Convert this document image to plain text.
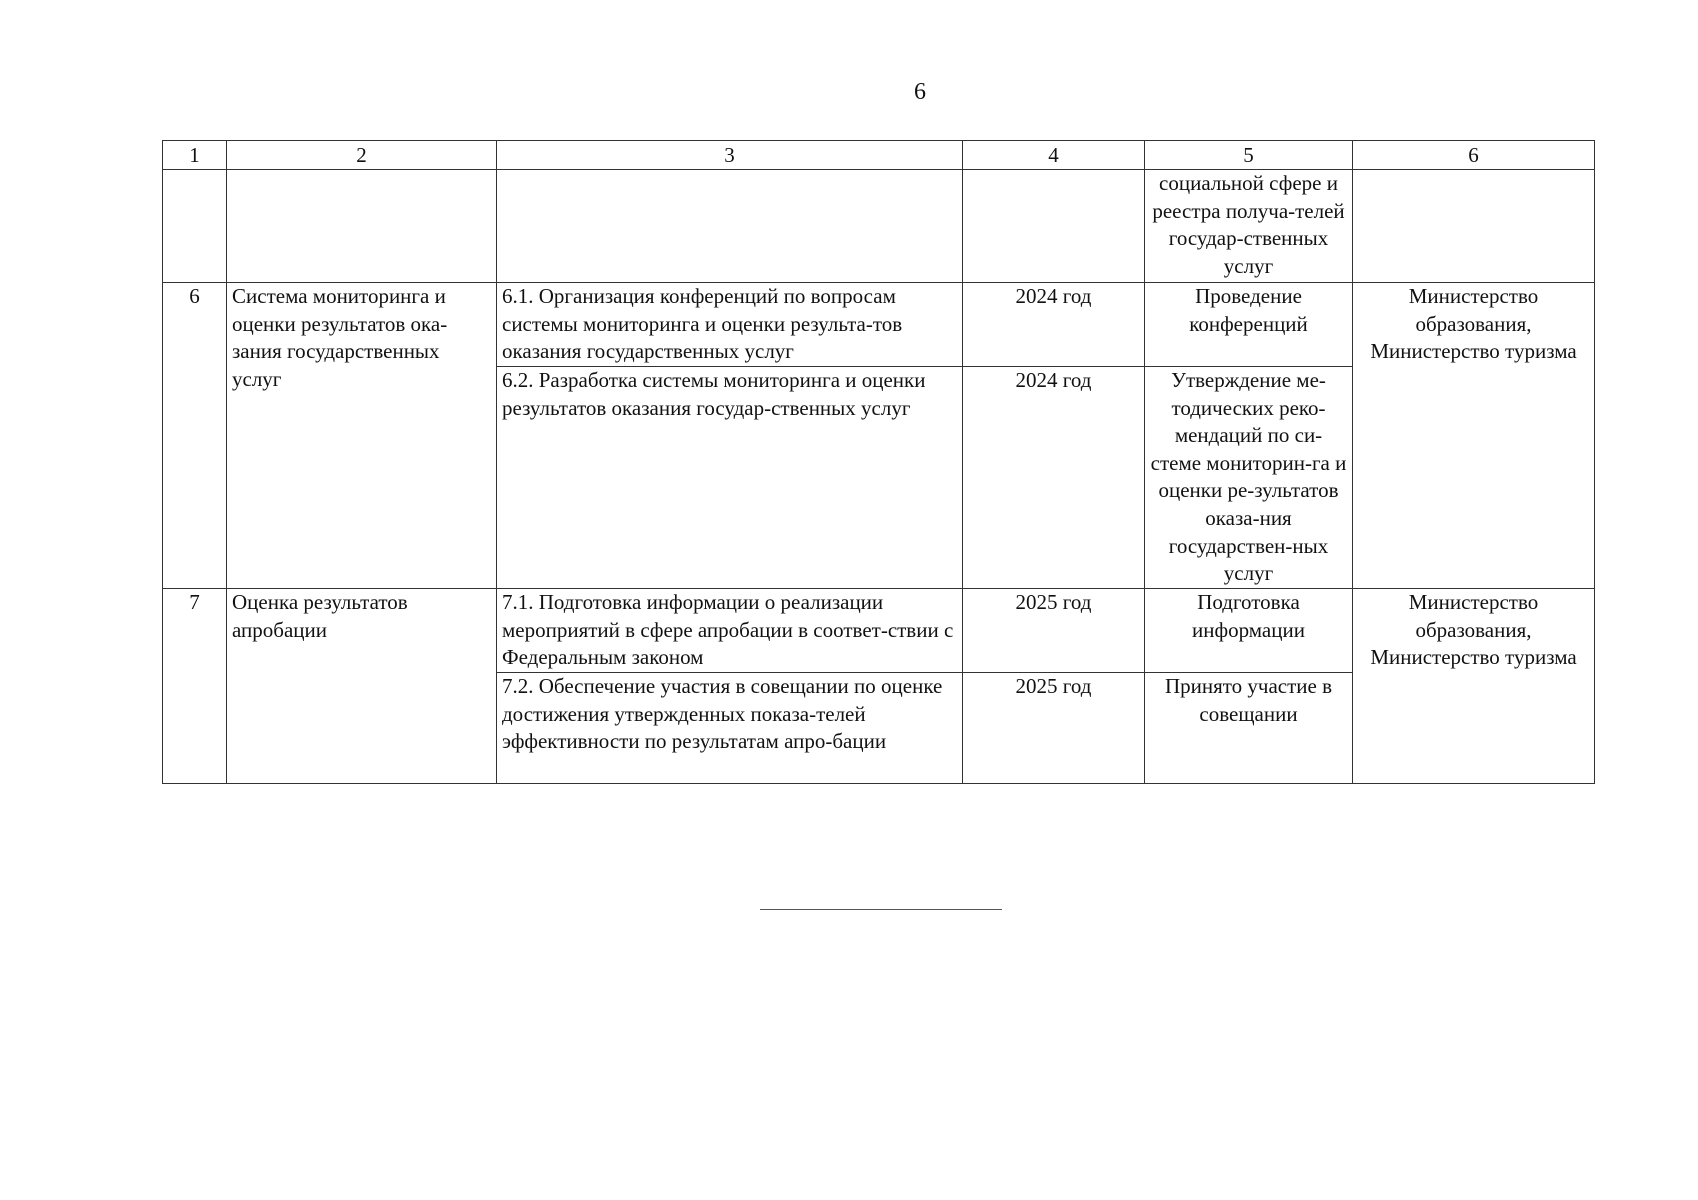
6
1	2	3	4	5	6
				социальной сфере и реестра получа-телей государ-ственных услуг	
6	Система мониторинга и оценки результатов ока-зания государственных услуг	6.1. Организация конференций по вопросам системы мониторинга и оценки результа-тов оказания государственных услуг	2024 год	Проведение конференций	Министерство образования, Министерство туризма
		6.2. Разработка системы мониторинга и оценки результатов оказания государ-ственных услуг	2024 год	Утверждение ме-тодических реко-мендаций по си-стеме мониторин-га и оценки ре-зультатов оказа-ния государствен-ных услуг	
7	Оценка результатов апробации	7.1. Подготовка информации о реализации мероприятий в сфере апробации в соответ-ствии с Федеральным законом	2025 год	Подготовка информации	Министерство образования, Министерство туризма
		7.2. Обеспечение участия в совещании по оценке достижения утвержденных показа-телей эффективности по результатам апро-бации	2025 год	Принято участие в совещании	
